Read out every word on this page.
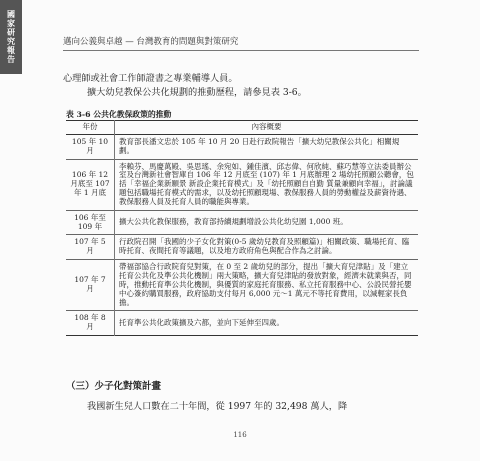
國家研究報告	邁向公義與卓越 — 台灣教育的問題與對策研究
心理師或社會工作師證書之專業輔導人員。
擴大幼兒教保公共化規劃的推動歷程，請參見表 3-6。
表 3-6 公共化教保政策的推動
年份	內容概要
105 年 10 月	教育部長潘文忠於 105 年 10 月 20 日赴行政院報告「擴大幼兒教保公共化」相關規劃。
106 年 12 月底至 107 年 1 月底	李賴芬、馬慶萬殿、吳思瑤、余宛如、鍾佳濱、邱志偉、何欣純、蘇巧慧等立法委員辦公室及台灣新社會智庫自 106 年 12 月底至 (107) 年 1 月底辦理 2 場幼托照顧公聽會，包括「幸福企業新願景 新設企業托育模式」及「幼托照顧自自勤 質量兼顧向幸福」，討論議題包括職場托育模式的需求，以及幼托照顧現場、教保服務人員的勞動權益及薪資待遇、教保服務人員及托育人員的職能與專業。
106 年至 109 年	擴大公共化教保服務，教育部持續規劃增設公共化幼兒園 1,000 班。
107 年 5 月	行政院召開「我國的少子女化對策(0-5 歲幼兒教育及照顧篇)」相關政策、職場托育、臨時托育、夜間托育等議題，以及地方政府角色與配合作為之討論。
107 年 7 月	帶福部協合行政院育兒對策，在 0 至 2 歲幼兒的部分，提出「擴大育兒津貼」及「建立托育公共化及準公共化機制」兩大策略，擴大育兒津貼的發放對象，經濟未就業與否，同時，推動托育準公共化機制，與優質的家庭托育服務、私立托育服務中心、公設民營托嬰中心簽約購買服務，政府協助支付每月 6,000 元～1 萬元不等托育費用，以減輕家長負擔。
108 年 8 月	托育準公共化政策擴及六都，並向下延伸至四歲。
（三）少子化對策計畫
我國新生兒人口數在二十年間，從 1997 年的 32,498 萬人，降
116
